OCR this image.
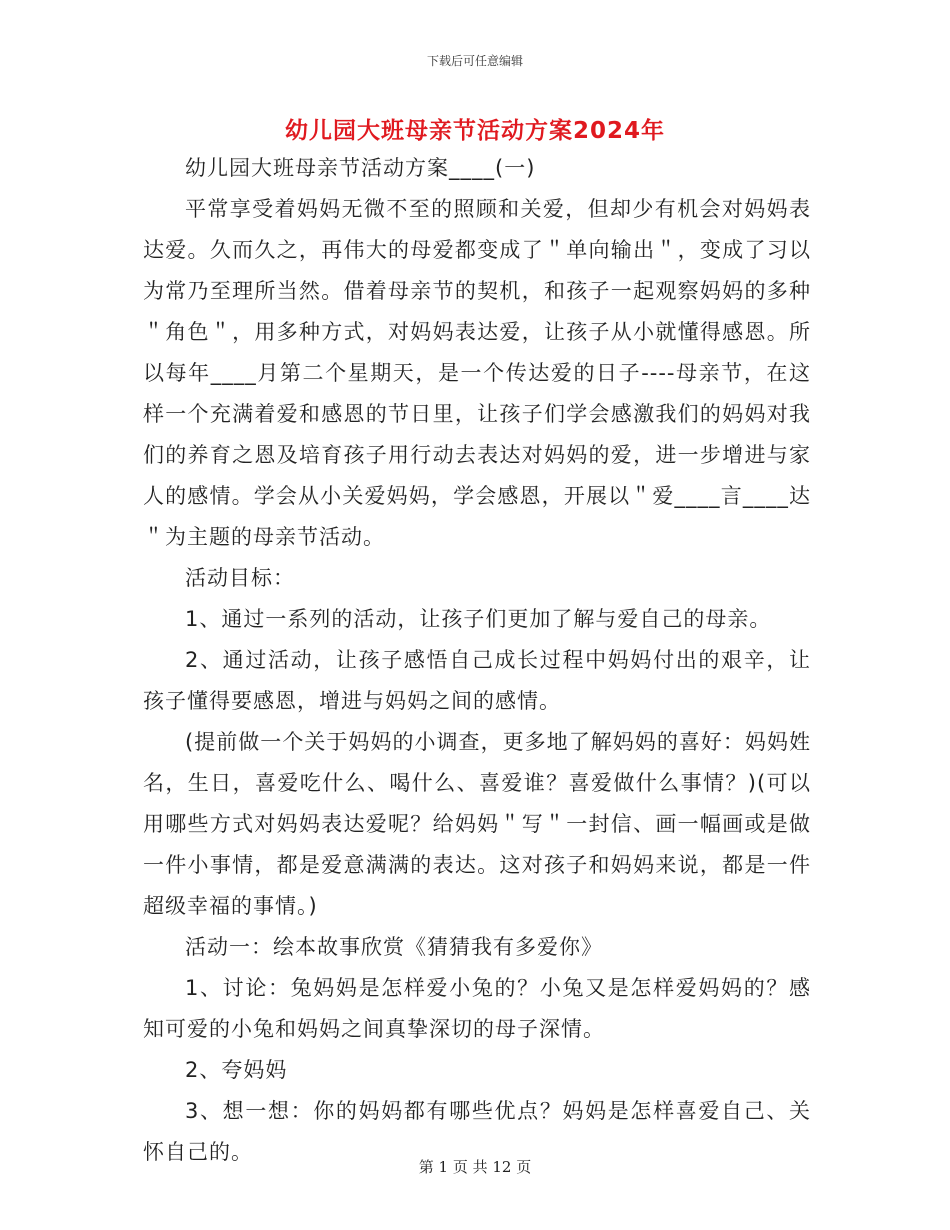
下载后可任意编辑
幼儿园大班母亲节活动方案2024年

幼儿园大班母亲节活动方案____(一)

平常享受着妈妈无微不至的照顾和关爱，但却少有机会对妈妈表达爱。久而久之，再伟大的母爱都变成了＂单向输出＂，变成了习以为常乃至理所当然。借着母亲节的契机，和孩子一起观察妈妈的多种＂角色＂，用多种方式，对妈妈表达爱，让孩子从小就懂得感恩。所以每年____月第二个星期天，是一个传达爱的日子----母亲节，在这样一个充满着爱和感恩的节日里，让孩子们学会感激我们的妈妈对我们的养育之恩及培育孩子用行动去表达对妈妈的爱，进一步增进与家人的感情。学会从小关爱妈妈，学会感恩，开展以＂爱____言____达＂为主题的母亲节活动。

活动目标：

1、通过一系列的活动，让孩子们更加了解与爱自己的母亲。

2、通过活动，让孩子感悟自己成长过程中妈妈付出的艰辛，让孩子懂得要感恩，增进与妈妈之间的感情。

(提前做一个关于妈妈的小调查，更多地了解妈妈的喜好：妈妈姓名，生日，喜爱吃什么、喝什么、喜爱谁？喜爱做什么事情？)(可以用哪些方式对妈妈表达爱呢？给妈妈＂写＂一封信、画一幅画或是做一件小事情，都是爱意满满的表达。这对孩子和妈妈来说，都是一件超级幸福的事情。)

活动一：绘本故事欣赏《猜猜我有多爱你》

1、讨论：兔妈妈是怎样爱小兔的？小兔又是怎样爱妈妈的？感知可爱的小兔和妈妈之间真挚深切的母子深情。

2、夸妈妈

3、想一想：你的妈妈都有哪些优点？妈妈是怎样喜爱自己、关怀自己的。

第 1 页 共 12 页
